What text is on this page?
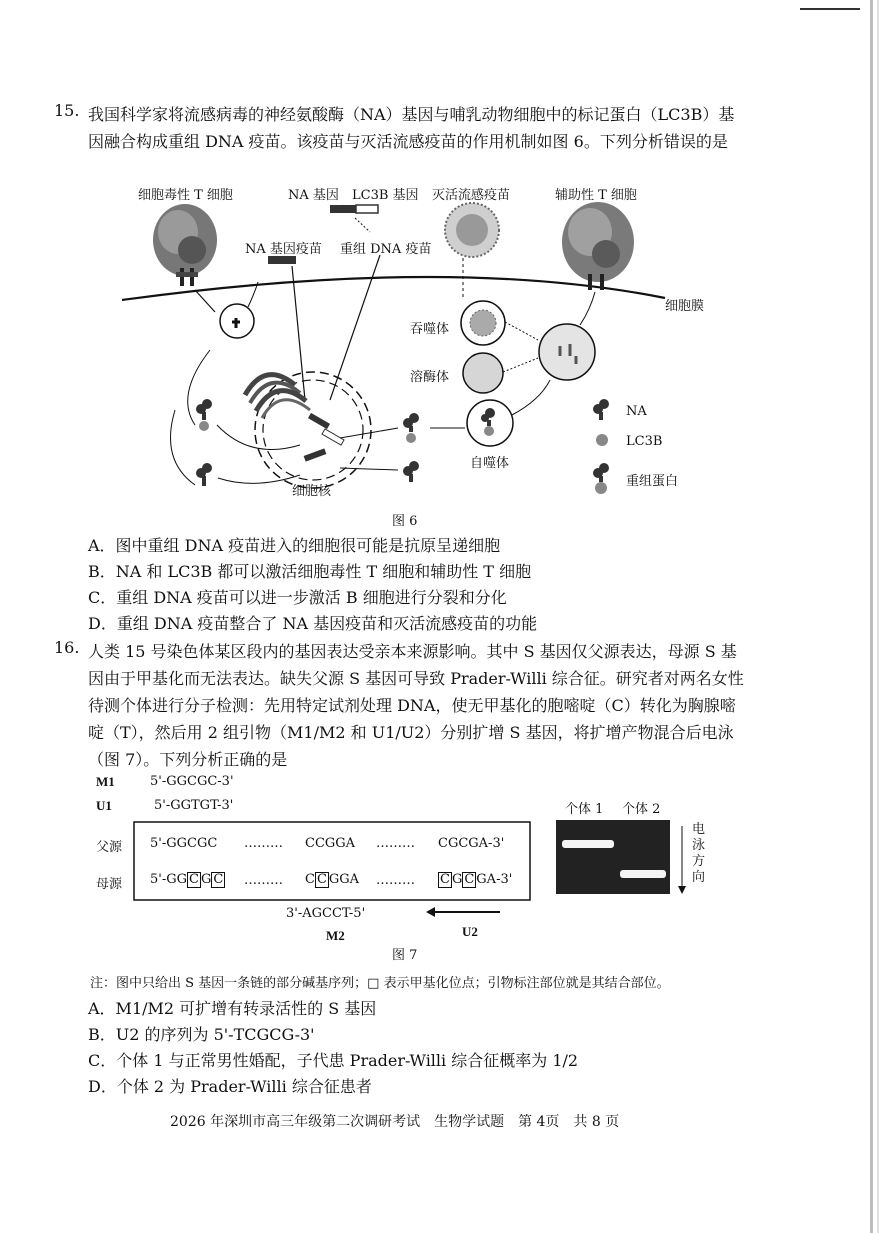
15. 我国科学家将流感病毒的神经氨酸酶（NA）基因与哺乳动物细胞中的标记蛋白（LC3B）基因融合构成重组 DNA 疫苗。该疫苗与灭活流感疫苗的作用机制如图 6。下列分析错误的是
细胞毒性 T 细胞	NA 基因 LC3B 基因 灭活流感疫苗	辅助性 T 细胞
NA 基因疫苗 重组 DNA 疫苗
细胞膜
吞噬体
溶酶体
自噬体
细胞核
NA
LC3B
重组蛋白
图 6
A．图中重组 DNA 疫苗进入的细胞很可能是抗原呈递细胞
B．NA 和 LC3B 都可以激活细胞毒性 T 细胞和辅助性 T 细胞
C．重组 DNA 疫苗可以进一步激活 B 细胞进行分裂和分化
D．重组 DNA 疫苗整合了 NA 基因疫苗和灭活流感疫苗的功能
16. 人类 15 号染色体某区段内的基因表达受亲本来源影响。其中 S 基因仅父源表达，母源 S 基因由于甲基化而无法表达。缺失父源 S 基因可导致 Prader-Willi 综合征。研究者对两名女性待测个体进行分子检测：先用特定试剂处理 DNA，使无甲基化的胞嘧啶（C）转化为胸腺嘧啶（T），然后用 2 组引物（M1/M2 和 U1/U2）分别扩增 S 基因，将扩增产物混合后电泳（图 7）。下列分析正确的是
M1	5'-GGCGC-3'
U1	5'-GGTGT-3'	个体 1 个体 2
电泳方向
父源 5'-GGCGC ……… CCGGA ……… CGCGA-3'
母源 5'-GG C G C ……… C C GGA ……… C G C GA-3'
3'-AGCCT-5'
M2	U2
图 7
注：图中只给出 S 基因一条链的部分碱基序列；□ 表示甲基化位点；引物标注部位就是其结合部位。
A．M1/M2 可扩增有转录活性的 S 基因
B．U2 的序列为 5'-TCGCG-3'
C．个体 1 与正常男性婚配，子代患 Prader-Willi 综合征概率为 1/2
D．个体 2 为 Prader-Willi 综合征患者
2026 年深圳市高三年级第二次调研考试　生物学试题　第 4页　共 8 页
